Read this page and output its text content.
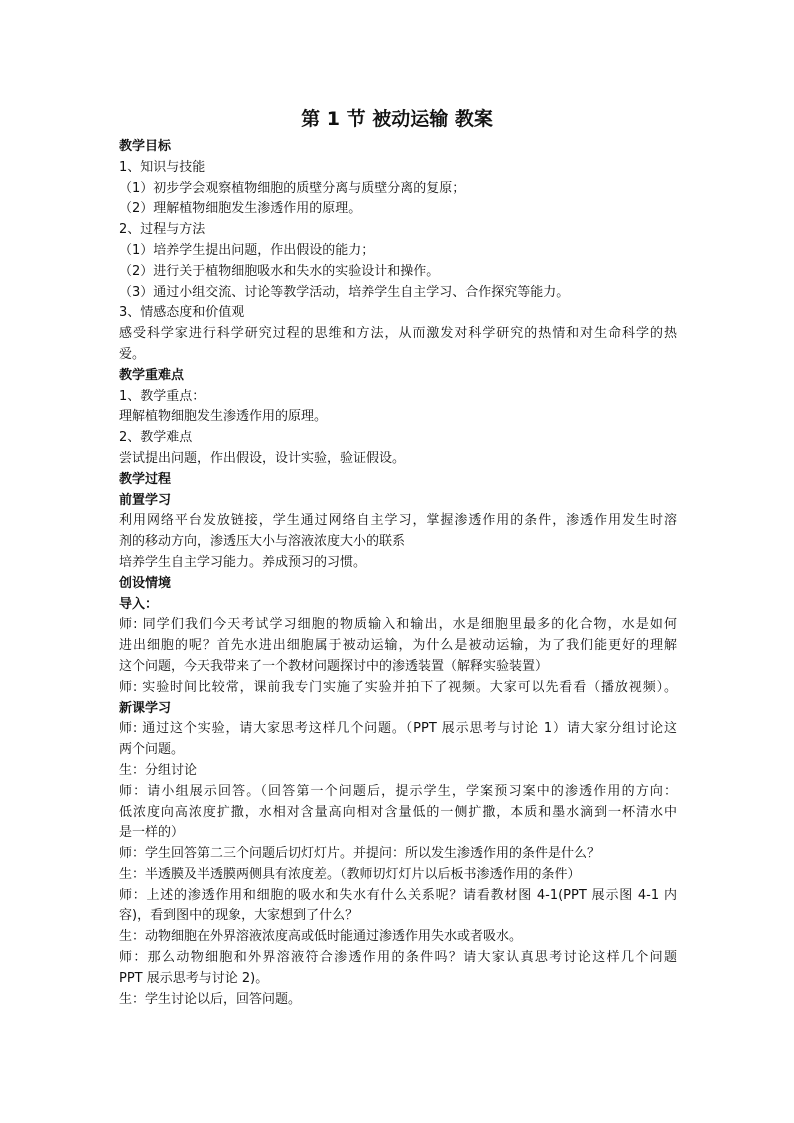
第 1 节 被动运输 教案

教学目标

1、知识与技能

（1）初步学会观察植物细胞的质壁分离与质壁分离的复原；

（2）理解植物细胞发生渗透作用的原理。

2、过程与方法

（1）培养学生提出问题，作出假设的能力；

（2）进行关于植物细胞吸水和失水的实验设计和操作。

（3）通过小组交流、讨论等教学活动，培养学生自主学习、合作探究等能力。

3、情感态度和价值观

感受科学家进行科学研究过程的思维和方法，从而激发对科学研究的热情和对生命科学的热

爱。

教学重难点

1、教学重点：

理解植物细胞发生渗透作用的原理。

2、教学难点

尝试提出问题，作出假设，设计实验，验证假设。

教学过程

前置学习

利用网络平台发放链接，学生通过网络自主学习，掌握渗透作用的条件，渗透作用发生时溶

剂的移动方向，渗透压大小与溶液浓度大小的联系

培养学生自主学习能力。养成预习的习惯。

创设情境

导入：

师: 同学们我们今天考试学习细胞的物质输入和输出，水是细胞里最多的化合物，水是如何

进出细胞的呢？首先水进出细胞属于被动运输，为什么是被动运输，为了我们能更好的理解

这个问题，今天我带来了一个教材问题探讨中的渗透装置（解释实验装置）

师: 实验时间比较常，课前我专门实施了实验并拍下了视频。大家可以先看看（播放视频）。

新课学习

师: 通过这个实验，请大家思考这样几个问题。（PPT 展示思考与讨论 1）请大家分组讨论这

两个问题。

生：分组讨论

师：请小组展示回答。（回答第一个问题后，提示学生，学案预习案中的渗透作用的方向：

低浓度向高浓度扩撒，水相对含量高向相对含量低的一侧扩撒，本质和墨水滴到一杯清水中

是一样的）

师：学生回答第二三个问题后切灯灯片。并提问：所以发生渗透作用的条件是什么？

生：半透膜及半透膜两侧具有浓度差。（教师切灯灯片以后板书渗透作用的条件）

师：上述的渗透作用和细胞的吸水和失水有什么关系呢？请看教材图 4-1(PPT 展示图 4-1 内

容)，看到图中的现象，大家想到了什么？

生：动物细胞在外界溶液浓度高或低时能通过渗透作用失水或者吸水。

师：那么动物细胞和外界溶液符合渗透作用的条件吗？请大家认真思考讨论这样几个问题

PPT 展示思考与讨论 2)。

生：学生讨论以后，回答问题。
